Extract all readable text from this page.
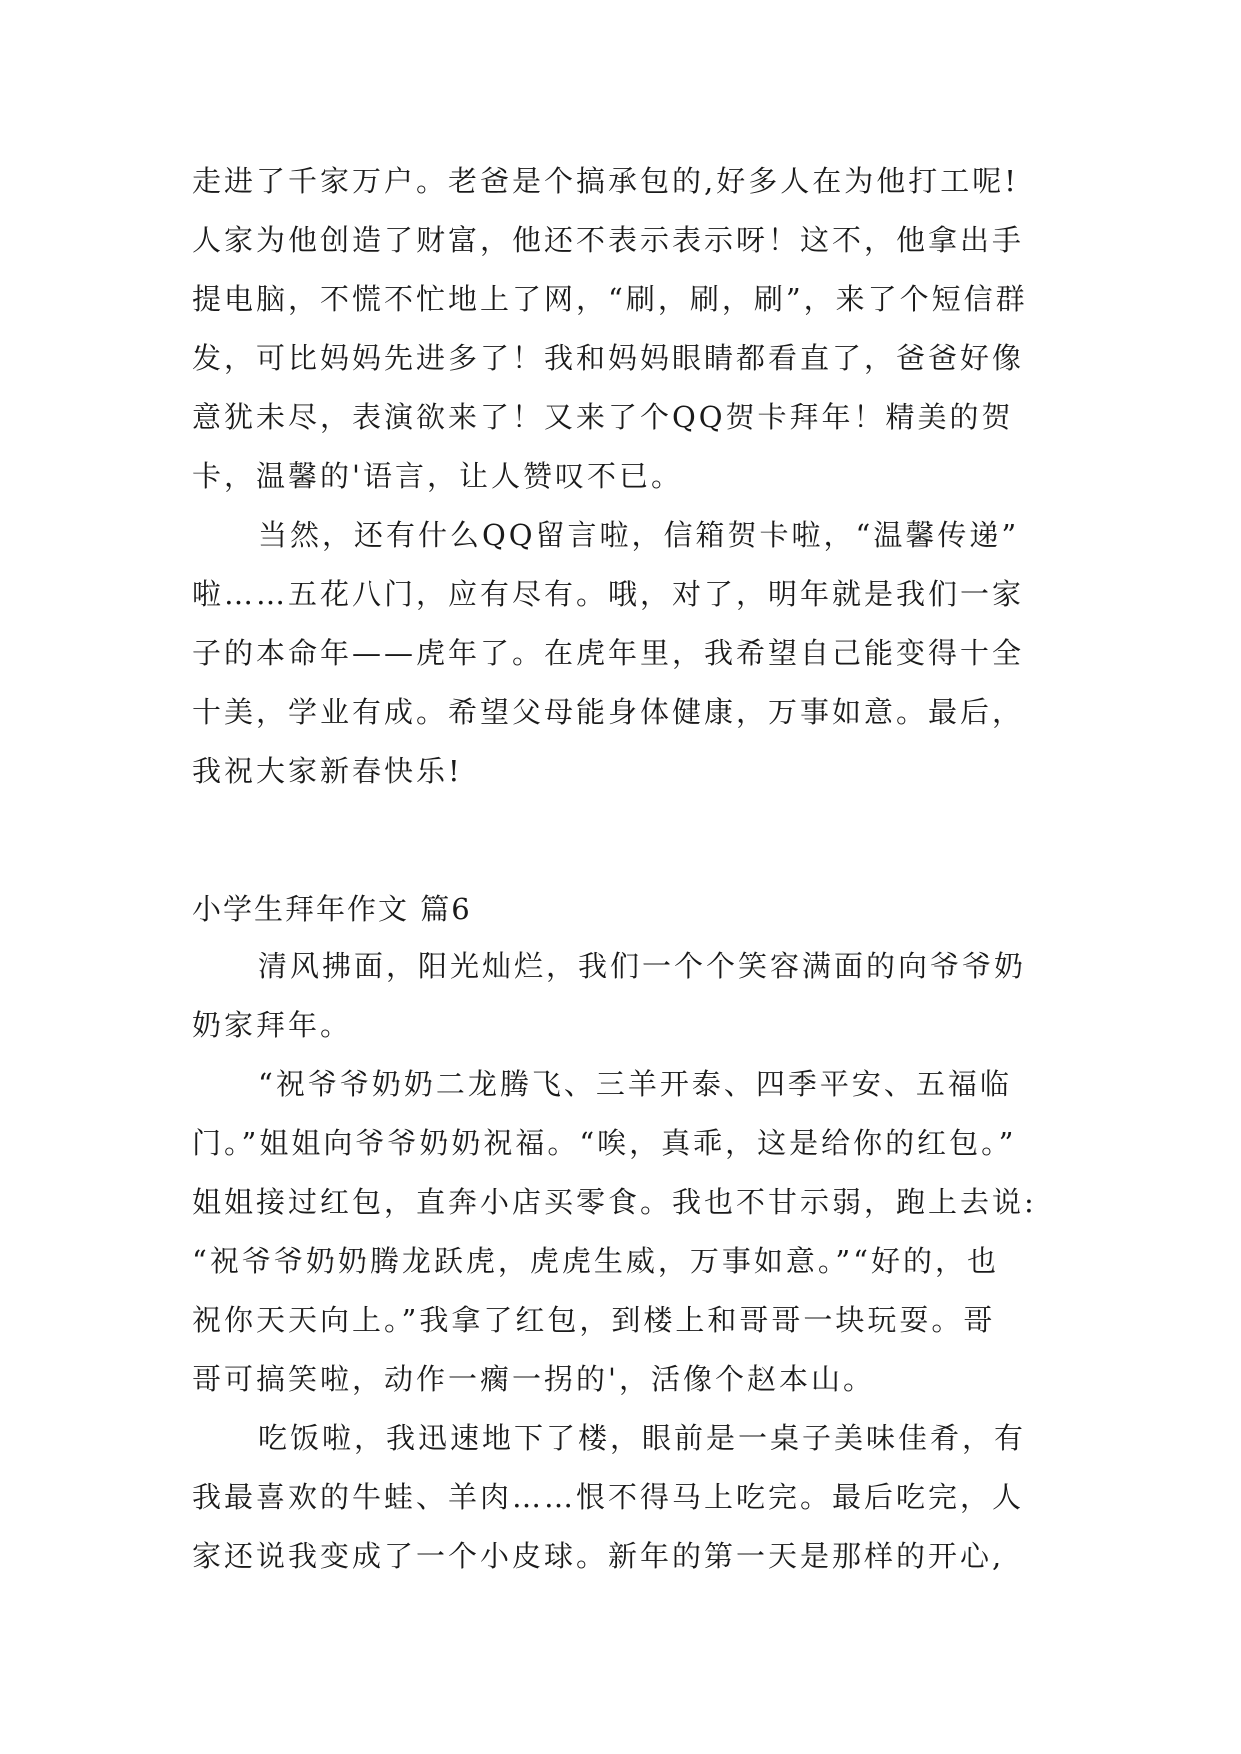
走进了千家万户。老爸是个搞承包的,好多人在为他打工呢!
人家为他创造了财富，他还不表示表示呀！这不，他拿出手
提电脑，不慌不忙地上了网，“刷，刷，刷”，来了个短信群
发，可比妈妈先进多了！我和妈妈眼睛都看直了，爸爸好像
意犹未尽，表演欲来了！又来了个QQ贺卡拜年！精美的贺
卡，温馨的'语言，让人赞叹不已。
当然，还有什么QQ留言啦，信箱贺卡啦，“温馨传递”
啦……五花八门，应有尽有。哦，对了，明年就是我们一家
子的本命年——虎年了。在虎年里，我希望自己能变得十全
十美，学业有成。希望父母能身体健康，万事如意。最后，
我祝大家新春快乐!
小学生拜年作文 篇6
清风拂面，阳光灿烂，我们一个个笑容满面的向爷爷奶
奶家拜年。
“祝爷爷奶奶二龙腾飞、三羊开泰、四季平安、五福临
门。”姐姐向爷爷奶奶祝福。“唉，真乖，这是给你的红包。”
姐姐接过红包，直奔小店买零食。我也不甘示弱，跑上去说:
“祝爷爷奶奶腾龙跃虎，虎虎生威，万事如意。”“好的，也
祝你天天向上。”我拿了红包，到楼上和哥哥一块玩耍。哥
哥可搞笑啦，动作一瘸一拐的'，活像个赵本山。
吃饭啦，我迅速地下了楼，眼前是一桌子美味佳肴，有
我最喜欢的牛蛙、羊肉……恨不得马上吃完。最后吃完，人
家还说我变成了一个小皮球。新年的第一天是那样的开心,
